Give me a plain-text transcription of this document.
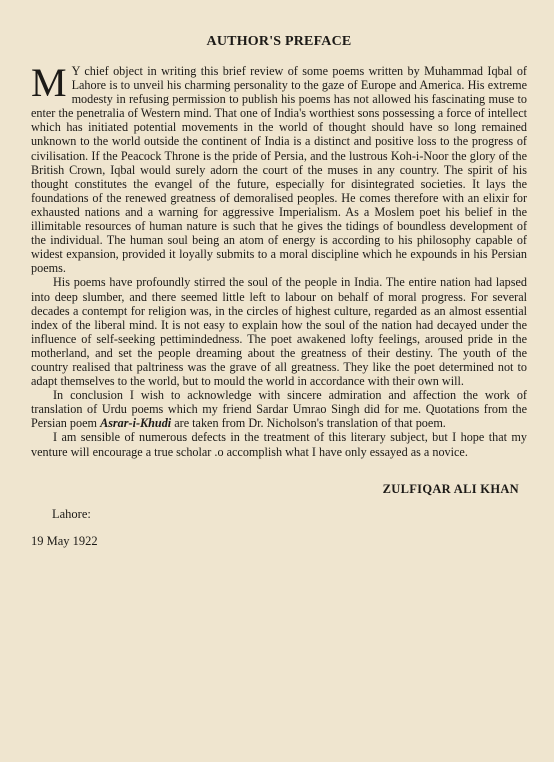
AUTHOR'S PREFACE

M Y chief object in writing this brief review of some poems written by Muhammad Iqbal of Lahore is to unveil his charming personality to the gaze of Europe and America. His extreme modesty in refusing permission to publish his poems has not allowed his fascinating muse to enter the penetralia of Western mind. That one of India's worthiest sons possessing a force of intellect which has initiated potential movements in the world of thought should have so long remained unknown to the world outside the continent of India is a distinct and positive loss to the progress of civilisation. If the Peacock Throne is the pride of Persia, and the lustrous Koh-i-Noor the glory of the British Crown, Iqbal would surely adorn the court of the muses in any country. The spirit of his thought constitutes the evangel of the future, especially for disintegrated societies. It lays the foundations of the renewed greatness of demoralised peoples. He comes therefore with an elixir for exhausted nations and a warning for aggressive Imperialism. As a Moslem poet his belief in the illimitable resources of human nature is such that he gives the tidings of boundless development of the individual. The human soul being an atom of energy is according to his philosophy capable of widest expansion, provided it loyally submits to a moral discipline which he expounds in his Persian poems.

His poems have profoundly stirred the soul of the people in India. The entire nation had lapsed into deep slumber, and there seemed little left to labour on behalf of moral progress. For several decades a contempt for religion was, in the circles of highest culture, regarded as an almost essential index of the liberal mind. It is not easy to explain how the soul of the nation had decayed under the influence of self-seeking pettimindedness. The poet awakened lofty feelings, aroused pride in the motherland, and set the people dreaming about the greatness of their destiny. The youth of the country realised that paltriness was the grave of all greatness. They like the poet determined not to adapt themselves to the world, but to mould the world in accordance with their own will.

In conclusion I wish to acknowledge with sincere admiration and affection the work of translation of Urdu poems which my friend Sardar Umrao Singh did for me. Quotations from the Persian poem Asrar-i-Khudi are taken from Dr. Nicholson's translation of that poem.

I am sensible of numerous defects in the treatment of this literary subject, but I hope that my venture will encourage a true scholar .o accomplish what I have only essayed as a novice.

ZULFIQAR ALI KHAN
Lahore:
19 May 1922
